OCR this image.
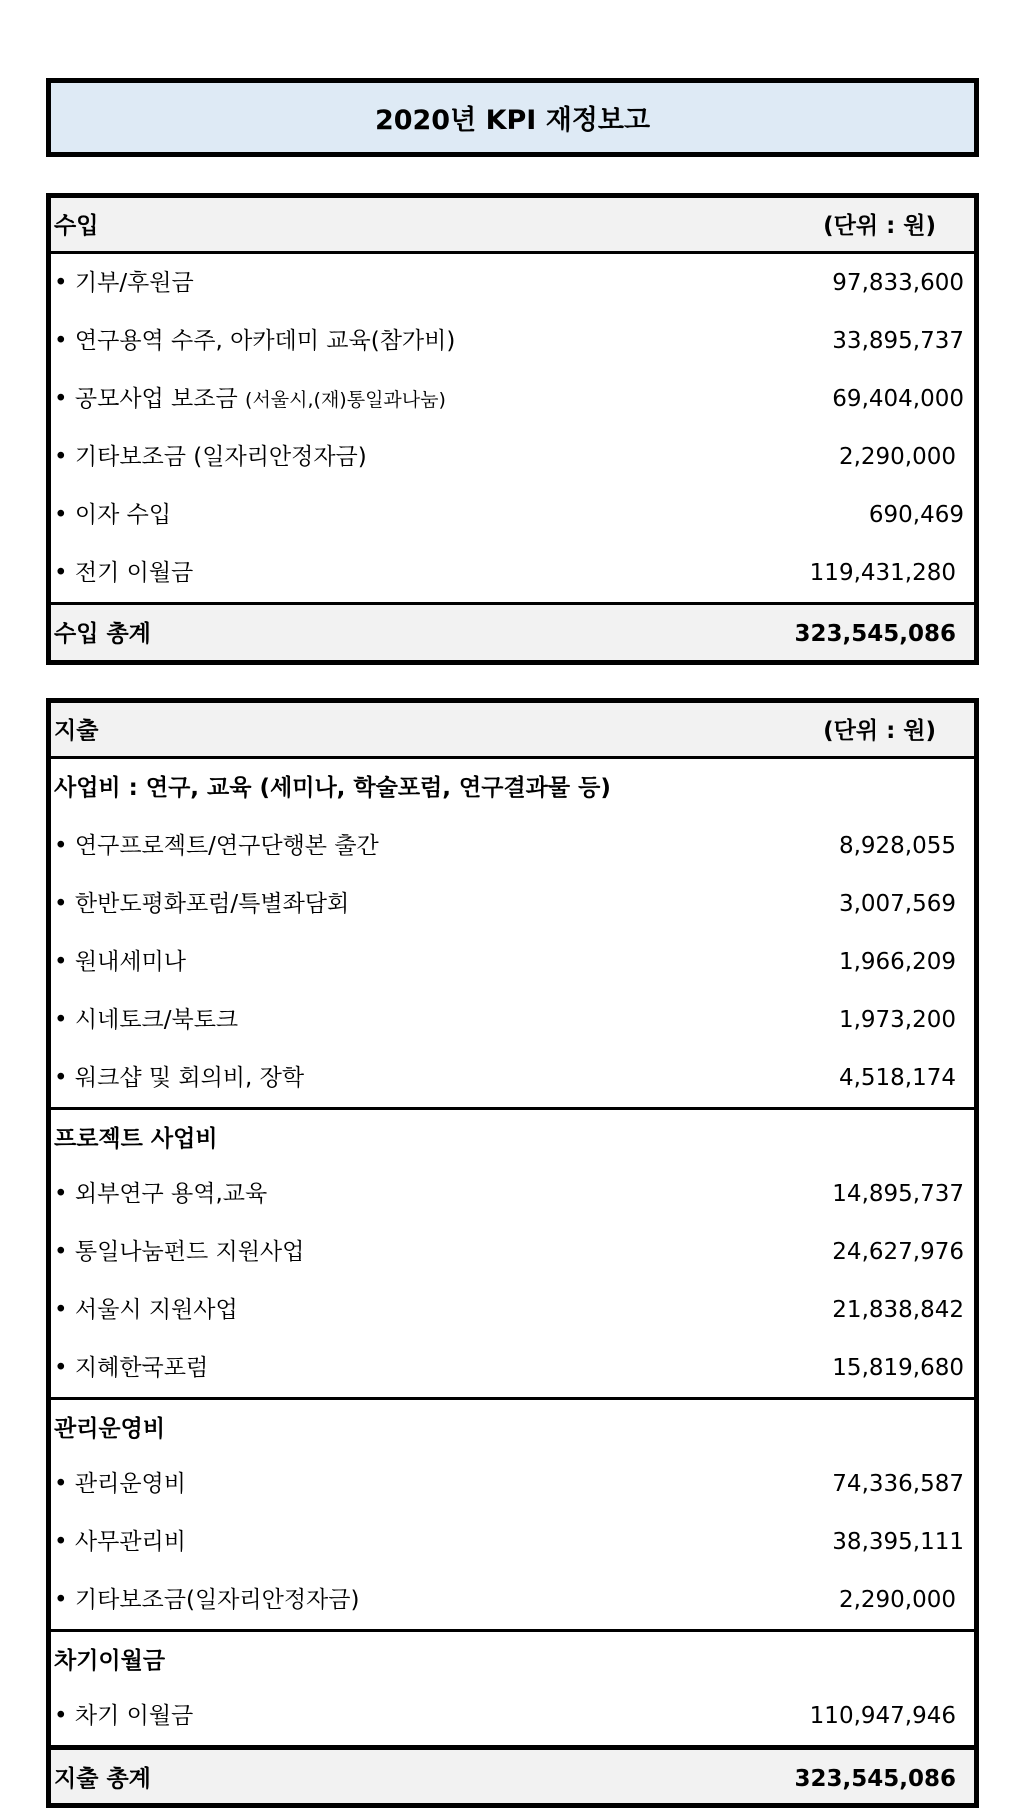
2020년 KPI 재정보고
수입	(단위 : 원)
• 기부/후원금	97,833,600
• 연구용역 수주, 아카데미 교육(참가비)	33,895,737
• 공모사업 보조금 (서울시,(재)통일과나눔)	69,404,000
• 기타보조금 (일자리안정자금)	2,290,000
• 이자 수입	690,469
• 전기 이월금	119,431,280
수입 총계	323,545,086
지출	(단위 : 원)
사업비 : 연구, 교육 (세미나, 학술포럼, 연구결과물 등)
• 연구프로젝트/연구단행본 출간	8,928,055
• 한반도평화포럼/특별좌담회	3,007,569
• 원내세미나	1,966,209
• 시네토크/북토크	1,973,200
• 워크샵 및 회의비, 장학	4,518,174
프로젝트 사업비
• 외부연구 용역,교육	14,895,737
• 통일나눔펀드 지원사업	24,627,976
• 서울시 지원사업	21,838,842
• 지혜한국포럼	15,819,680
관리운영비
• 관리운영비	74,336,587
• 사무관리비	38,395,111
• 기타보조금(일자리안정자금)	2,290,000
차기이월금
• 차기 이월금	110,947,946
지출 총계	323,545,086
